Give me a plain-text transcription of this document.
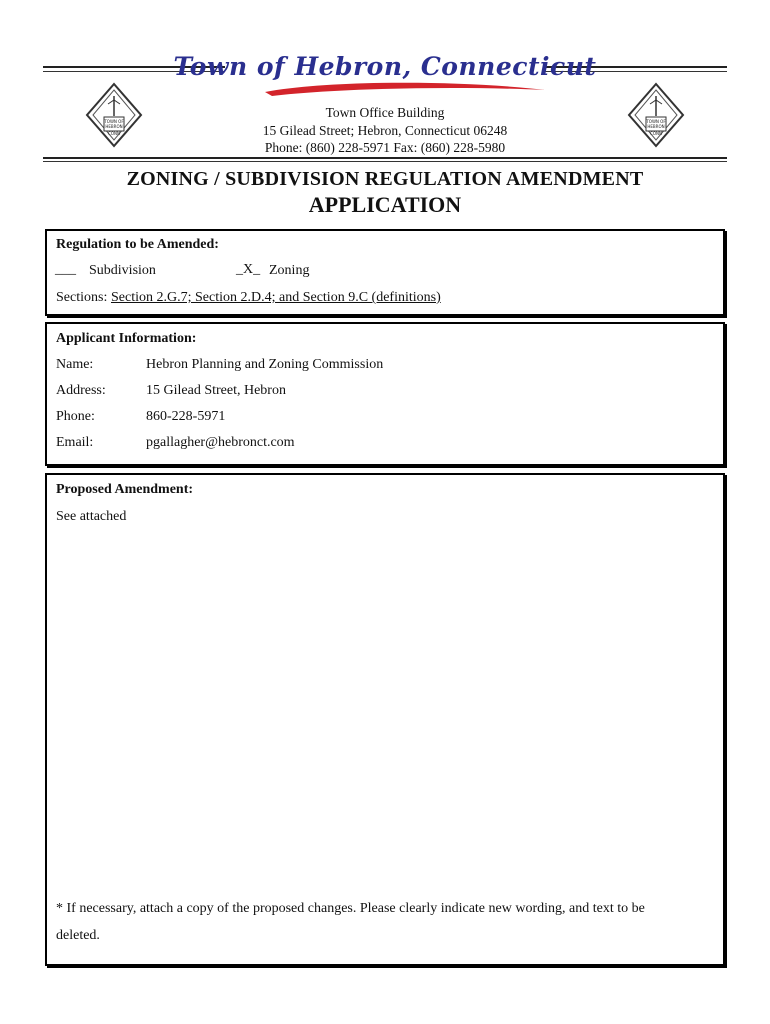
Town of Hebron, Connecticut
TOWN OF
HEBRON
CONN
TOWN OF
HEBRON
CONN
Town Office Building
15 Gilead Street; Hebron, Connecticut 06248
Phone: (860) 228-5971 Fax: (860) 228-5980
ZONING / SUBDIVISION REGULATION AMENDMENT
APPLICATION
Regulation to be Amended:
___ Subdivision	_X_ Zoning
Sections: Section 2.G.7; Section 2.D.4; and Section 9.C (definitions)
Applicant Information:
Name:	Hebron Planning and Zoning Commission
Address:	15 Gilead Street, Hebron
Phone:	860-228-5971
Email:	pgallagher@hebronct.com
Proposed Amendment:
See attached
* If necessary, attach a copy of the proposed changes. Please clearly indicate new wording, and text to be
deleted.
